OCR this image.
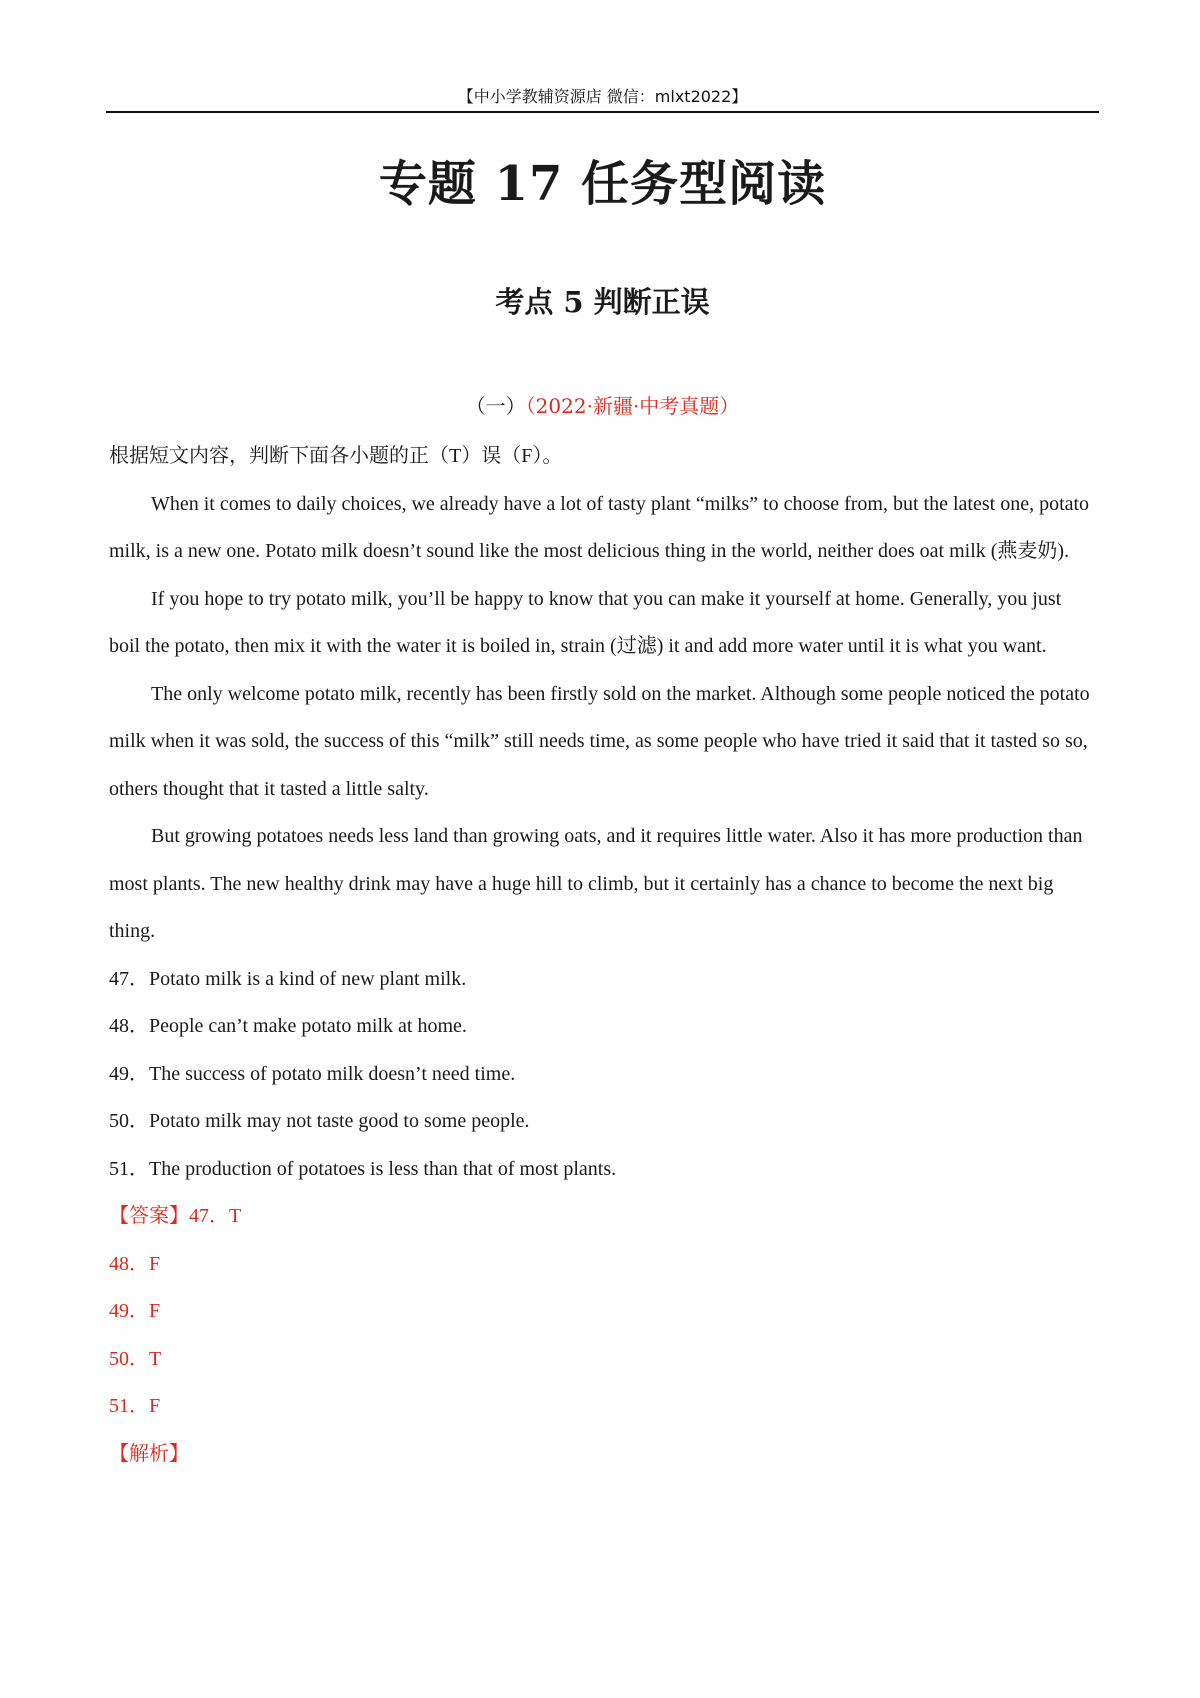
【中小学教辅资源店 微信：mlxt2022】
专题 17 任务型阅读
考点 5 判断正误
（一）（2022·新疆·中考真题）

根据短文内容，判断下面各小题的正（T）误（F）。

When it comes to daily choices, we already have a lot of tasty plant “milks” to choose from, but the latest one, potato milk, is a new one. Potato milk doesn’t sound like the most delicious thing in the world, neither does oat milk (燕麦奶).

If you hope to try potato milk, you’ll be happy to know that you can make it yourself at home. Generally, you just boil the potato, then mix it with the water it is boiled in, strain (过滤) it and add more water until it is what you want.

The only welcome potato milk, recently has been firstly sold on the market. Although some people noticed the potato milk when it was sold, the success of this “milk” still needs time, as some people who have tried it said that it tasted so so, others thought that it tasted a little salty.

But growing potatoes needs less land than growing oats, and it requires little water. Also it has more production than most plants. The new healthy drink may have a huge hill to climb, but it certainly has a chance to become the next big thing.

47．Potato milk is a kind of new plant milk.

48．People can’t make potato milk at home.

49．The success of potato milk doesn’t need time.

50．Potato milk may not taste good to some people.

51．The production of potatoes is less than that of most plants.

【答案】47．T

48．F

49．F

50．T

51．F

【解析】
